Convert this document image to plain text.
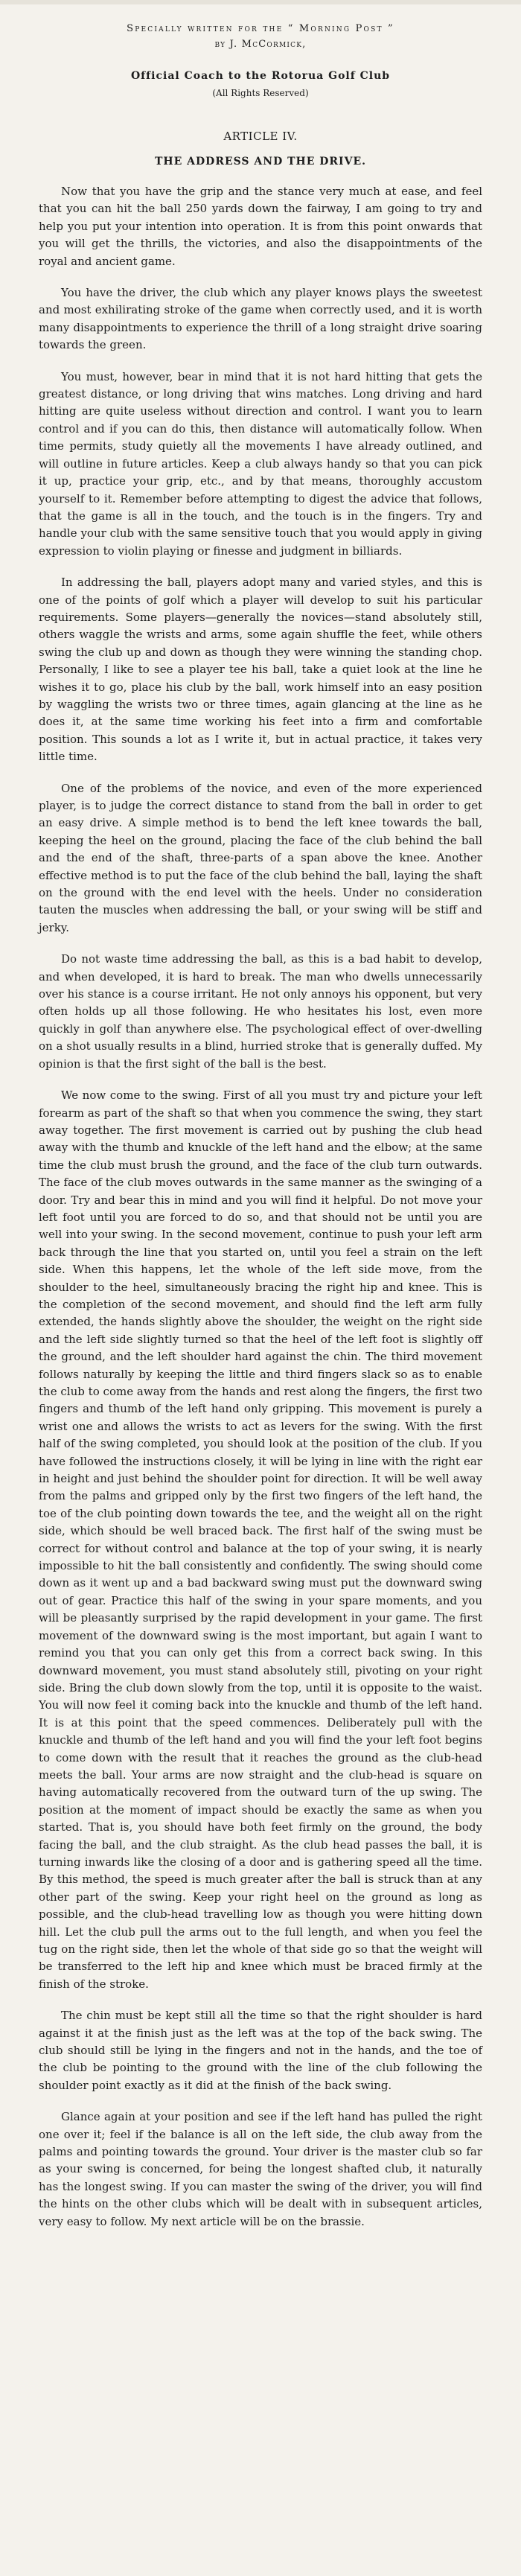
Specially written for the “ Morning Post ”
by J. McCormick,
Official Coach to the Rotorua Golf Club
(All Rights Reserved)
ARTICLE IV.
THE ADDRESS AND THE DRIVE.

Now that you have the grip and the stance very much at ease, and feel that you can hit the ball 250 yards down the fairway, I am going to try and help you put your intention into operation. It is from this point onwards that you will get the thrills, the victories, and also the disappointments of the royal and ancient game.

You have the driver, the club which any player knows plays the sweetest and most exhilirating stroke of the game when correctly used, and it is worth many disappointments to experience the thrill of a long straight drive soaring towards the green.

You must, however, bear in mind that it is not hard hitting that gets the greatest distance, or long driving that wins matches. Long driving and hard hitting are quite useless without direction and control. I want you to learn control and if you can do this, then distance will automatically follow. When time permits, study quietly all the movements I have already outlined, and will outline in future articles. Keep a club always handy so that you can pick it up, practice your grip, etc., and by that means, thoroughly accustom yourself to it. Remember before attempting to digest the advice that follows, that the game is all in the touch, and the touch is in the fingers. Try and handle your club with the same sensitive touch that you would apply in giving expression to violin playing or finesse and judgment in billiards.

In addressing the ball, players adopt many and varied styles, and this is one of the points of golf which a player will develop to suit his particular requirements. Some players—generally the novices—stand absolutely still, others waggle the wrists and arms, some again shuffle the feet, while others swing the club up and down as though they were winning the standing chop. Personally, I like to see a player tee his ball, take a quiet look at the line he wishes it to go, place his club by the ball, work himself into an easy position by waggling the wrists two or three times, again glancing at the line as he does it, at the same time working his feet into a firm and comfortable position. This sounds a lot as I write it, but in actual practice, it takes very little time.

One of the problems of the novice, and even of the more experienced player, is to judge the correct distance to stand from the ball in order to get an easy drive. A simple method is to bend the left knee towards the ball, keeping the heel on the ground, placing the face of the club behind the ball and the end of the shaft, three-parts of a span above the knee. Another effective method is to put the face of the club behind the ball, laying the shaft on the ground with the end level with the heels. Under no consideration tauten the muscles when addressing the ball, or your swing will be stiff and jerky.

Do not waste time addressing the ball, as this is a bad habit to develop, and when developed, it is hard to break. The man who dwells unnecessarily over his stance is a course irritant. He not only annoys his opponent, but very often holds up all those following. He who hesitates his lost, even more quickly in golf than anywhere else. The psychological effect of over-dwelling on a shot usually results in a blind, hurried stroke that is generally duffed. My opinion is that the first sight of the ball is the best.

We now come to the swing. First of all you must try and picture your left forearm as part of the shaft so that when you commence the swing, they start away together. The first movement is carried out by pushing the club head away with the thumb and knuckle of the left hand and the elbow; at the same time the club must brush the ground, and the face of the club turn outwards. The face of the club moves outwards in the same manner as the swinging of a door. Try and bear this in mind and you will find it helpful. Do not move your left foot until you are forced to do so, and that should not be until you are well into your swing. In the second movement, continue to push your left arm back through the line that you started on, until you feel a strain on the left side. When this happens, let the whole of the left side move, from the shoulder to the heel, simultaneously bracing the right hip and knee. This is the completion of the second movement, and should find the left arm fully extended, the hands slightly above the shoulder, the weight on the right side and the left side slightly turned so that the heel of the left foot is slightly off the ground, and the left shoulder hard against the chin. The third movement follows naturally by keeping the little and third fingers slack so as to enable the club to come away from the hands and rest along the fingers, the first two fingers and thumb of the left hand only gripping. This movement is purely a wrist one and allows the wrists to act as levers for the swing. With the first half of the swing completed, you should look at the position of the club. If you have followed the instructions closely, it will be lying in line with the right ear in height and just behind the shoulder point for direction. It will be well away from the palms and gripped only by the first two fingers of the left hand, the toe of the club pointing down towards the tee, and the weight all on the right side, which should be well braced back. The first half of the swing must be correct for without control and balance at the top of your swing, it is nearly impossible to hit the ball consistently and confidently. The swing should come down as it went up and a bad backward swing must put the downward swing out of gear. Practice this half of the swing in your spare moments, and you will be pleasantly surprised by the rapid development in your game. The first movement of the downward swing is the most important, but again I want to remind you that you can only get this from a correct back swing. In this downward movement, you must stand absolutely still, pivoting on your right side. Bring the club down slowly from the top, until it is opposite to the waist. You will now feel it coming back into the knuckle and thumb of the left hand. It is at this point that the speed commences. Deliberately pull with the knuckle and thumb of the left hand and you will find the your left foot begins to come down with the result that it reaches the ground as the club-head meets the ball. Your arms are now straight and the club-head is square on having automatically recovered from the outward turn of the up swing. The position at the moment of impact should be exactly the same as when you started. That is, you should have both feet firmly on the ground, the body facing the ball, and the club straight. As the club head passes the ball, it is turning inwards like the closing of a door and is gathering speed all the time. By this method, the speed is much greater after the ball is struck than at any other part of the swing. Keep your right heel on the ground as long as possible, and the club-head travelling low as though you were hitting down hill. Let the club pull the arms out to the full length, and when you feel the tug on the right side, then let the whole of that side go so that the weight will be transferred to the left hip and knee which must be braced firmly at the finish of the stroke.

The chin must be kept still all the time so that the right shoulder is hard against it at the finish just as the left was at the top of the back swing. The club should still be lying in the fingers and not in the hands, and the toe of the club be pointing to the ground with the line of the club following the shoulder point exactly as it did at the finish of the back swing.

Glance again at your position and see if the left hand has pulled the right one over it; feel if the balance is all on the left side, the club away from the palms and pointing towards the ground. Your driver is the master club so far as your swing is concerned, for being the longest shafted club, it naturally has the longest swing. If you can master the swing of the driver, you will find the hints on the other clubs which will be dealt with in subsequent articles, very easy to follow. My next article will be on the brassie.
